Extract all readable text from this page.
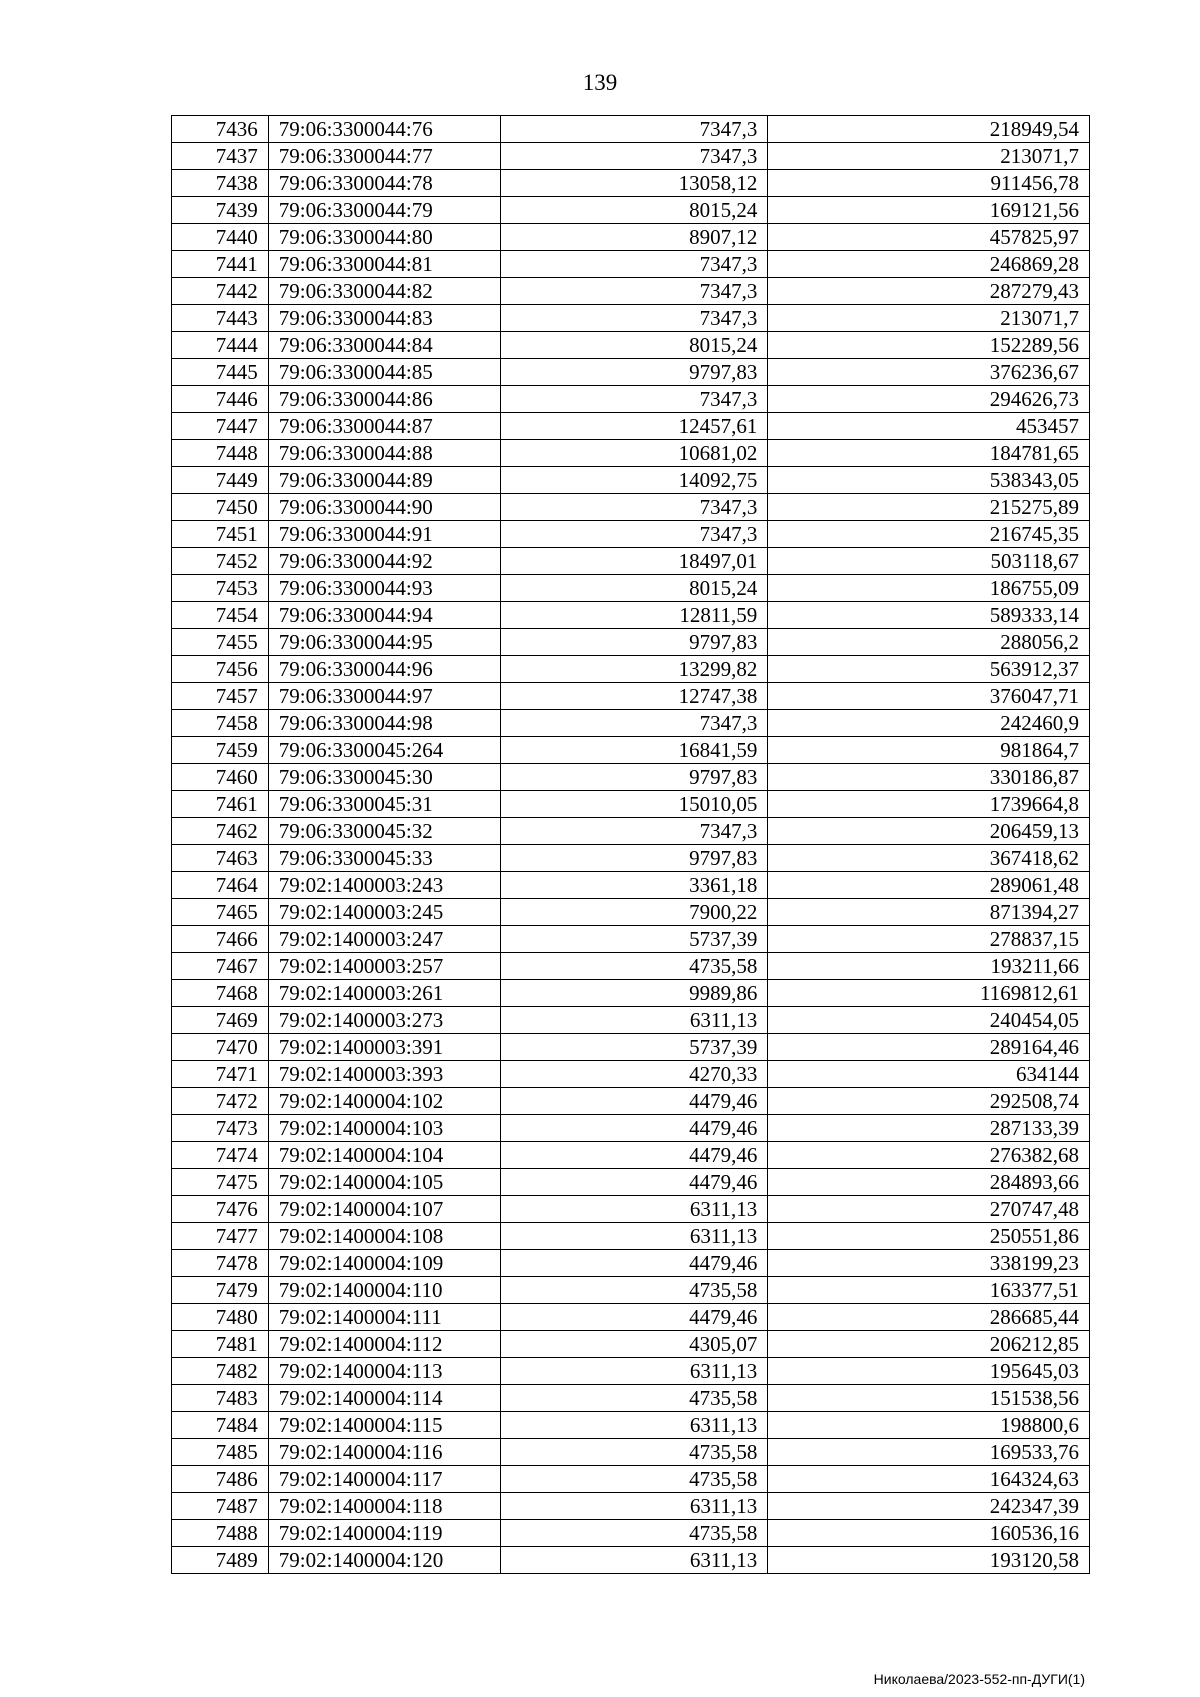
139
7436	79:06:3300044:76	7347,3	218949,54
7437	79:06:3300044:77	7347,3	213071,7
7438	79:06:3300044:78	13058,12	911456,78
7439	79:06:3300044:79	8015,24	169121,56
7440	79:06:3300044:80	8907,12	457825,97
7441	79:06:3300044:81	7347,3	246869,28
7442	79:06:3300044:82	7347,3	287279,43
7443	79:06:3300044:83	7347,3	213071,7
7444	79:06:3300044:84	8015,24	152289,56
7445	79:06:3300044:85	9797,83	376236,67
7446	79:06:3300044:86	7347,3	294626,73
7447	79:06:3300044:87	12457,61	453457
7448	79:06:3300044:88	10681,02	184781,65
7449	79:06:3300044:89	14092,75	538343,05
7450	79:06:3300044:90	7347,3	215275,89
7451	79:06:3300044:91	7347,3	216745,35
7452	79:06:3300044:92	18497,01	503118,67
7453	79:06:3300044:93	8015,24	186755,09
7454	79:06:3300044:94	12811,59	589333,14
7455	79:06:3300044:95	9797,83	288056,2
7456	79:06:3300044:96	13299,82	563912,37
7457	79:06:3300044:97	12747,38	376047,71
7458	79:06:3300044:98	7347,3	242460,9
7459	79:06:3300045:264	16841,59	981864,7
7460	79:06:3300045:30	9797,83	330186,87
7461	79:06:3300045:31	15010,05	1739664,8
7462	79:06:3300045:32	7347,3	206459,13
7463	79:06:3300045:33	9797,83	367418,62
7464	79:02:1400003:243	3361,18	289061,48
7465	79:02:1400003:245	7900,22	871394,27
7466	79:02:1400003:247	5737,39	278837,15
7467	79:02:1400003:257	4735,58	193211,66
7468	79:02:1400003:261	9989,86	1169812,61
7469	79:02:1400003:273	6311,13	240454,05
7470	79:02:1400003:391	5737,39	289164,46
7471	79:02:1400003:393	4270,33	634144
7472	79:02:1400004:102	4479,46	292508,74
7473	79:02:1400004:103	4479,46	287133,39
7474	79:02:1400004:104	4479,46	276382,68
7475	79:02:1400004:105	4479,46	284893,66
7476	79:02:1400004:107	6311,13	270747,48
7477	79:02:1400004:108	6311,13	250551,86
7478	79:02:1400004:109	4479,46	338199,23
7479	79:02:1400004:110	4735,58	163377,51
7480	79:02:1400004:111	4479,46	286685,44
7481	79:02:1400004:112	4305,07	206212,85
7482	79:02:1400004:113	6311,13	195645,03
7483	79:02:1400004:114	4735,58	151538,56
7484	79:02:1400004:115	6311,13	198800,6
7485	79:02:1400004:116	4735,58	169533,76
7486	79:02:1400004:117	4735,58	164324,63
7487	79:02:1400004:118	6311,13	242347,39
7488	79:02:1400004:119	4735,58	160536,16
7489	79:02:1400004:120	6311,13	193120,58
Николаева/2023-552-пп-ДУГИ(1)
